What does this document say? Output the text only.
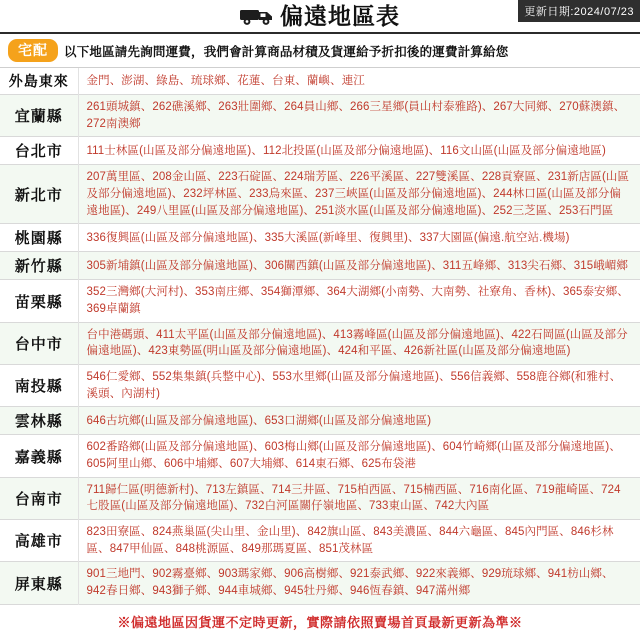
偏遠地區表	更新日期:2024/07/23
宅配	以下地區請先詢問運費，我們會計算商品材積及貨運給予折扣後的運費計算給您
外島東來	金門、澎湖、綠島、琉球鄉、花蓮、台東、蘭嶼、連江
宜蘭縣	261頭城鎮、262礁溪鄉、263壯圍鄉、264員山鄉、266三星鄉(員山村泰雅路)、267大同鄉、270蘇澳鎮、272南澳鄉
台北市	111士林區(山區及部分偏遠地區)、112北投區(山區及部分偏遠地區)、116文山區(山區及部分偏遠地區)
新北市	207萬里區、208金山區、223石碇區、224瑞芳區、226平溪區、227雙溪區、228貢寮區、231新店區(山區及部分偏遠地區)、232坪林區、233烏來區、237三峽區(山區及部分偏遠地區)、244林口區(山區及部分偏遠地區)、249八里區(山區及部分偏遠地區)、251淡水區(山區及部分偏遠地區)、252三芝區、253石門區
桃園縣	336復興區(山區及部分偏遠地區)、335大溪區(新峰里、復興里)、337大園區(偏遠.航空站.機場)
新竹縣	305新埔鎮(山區及部分偏遠地區)、306關西鎮(山區及部分偏遠地區)、311五峰鄉、313尖石鄉、315峨嵋鄉
苗栗縣	352三灣鄉(大河村)、353南庄鄉、354獅潭鄉、364大湖鄉(小南勢、大南勢、社寮角、香林)、365泰安鄉、369卓蘭鎮
台中市	台中港碼頭、411太平區(山區及部分偏遠地區)、413霧峰區(山區及部分偏遠地區)、422石岡區(山區及部分偏遠地區)、423東勢區(明山區及部分偏遠地區)、424和平區、426新社區(山區及部分偏遠地區)
南投縣	546仁愛鄉、552集集鎮(兵整中心)、553水里鄉(山區及部分偏遠地區)、556信義鄉、558鹿谷鄉(和雅村、溪頭、內湖村)
雲林縣	646古坑鄉(山區及部分偏遠地區)、653口湖鄉(山區及部分偏遠地區)
嘉義縣	602番路鄉(山區及部分偏遠地區)、603梅山鄉(山區及部分偏遠地區)、604竹崎鄉(山區及部分偏遠地區)、605阿里山鄉、606中埔鄉、607大埔鄉、614東石鄉、625布袋港
台南市	711歸仁區(明德新村)、713左鎮區、714三井區、715柏西區、715楠西區、716南化區、719龍崎區、724七股區(山區及部分偏遠地區)、732白河區關仔嶺地區、733東山區、742大內區
高雄市	823田寮區、824燕巢區(尖山里、金山里)、842旗山區、843美濃區、844六龜區、845內門區、846杉林區、847甲仙區、848桃源區、849那瑪夏區、851茂林區
屏東縣	901三地門、902霧臺鄉、903瑪家鄉、906高樹鄉、921泰武鄉、922來義鄉、929琉球鄉、941枋山鄉、942春日鄉、943獅子鄉、944車城鄉、945牡丹鄉、946恆春鎮、947滿州鄉
※偏遠地區因貨運不定時更新，實際請依照賣場首頁最新更新為準※
